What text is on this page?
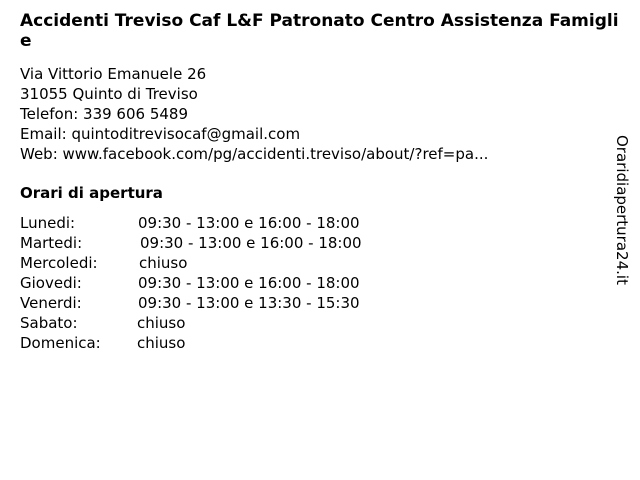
Accidenti Treviso Caf L&F Patronato Centro Assistenza Famiglie
Via Vittorio Emanuele 26
31055 Quinto di Treviso
Telefon: 339 606 5489
Email: quintoditrevisocaf@gmail.com
Web: www.facebook.com/pg/accidenti.treviso/about/?ref=pa...
Orari di apertura
Lunedi:	09:30 - 13:00 e 16:00 - 18:00
Martedi:	09:30 - 13:00 e 16:00 - 18:00
Mercoledi:	chiuso
Giovedi:	09:30 - 13:00 e 16:00 - 18:00
Venerdi:	09:30 - 13:00 e 13:30 - 15:30
Sabato:	chiuso
Domenica: chiuso
Oraridiapertura24.it
